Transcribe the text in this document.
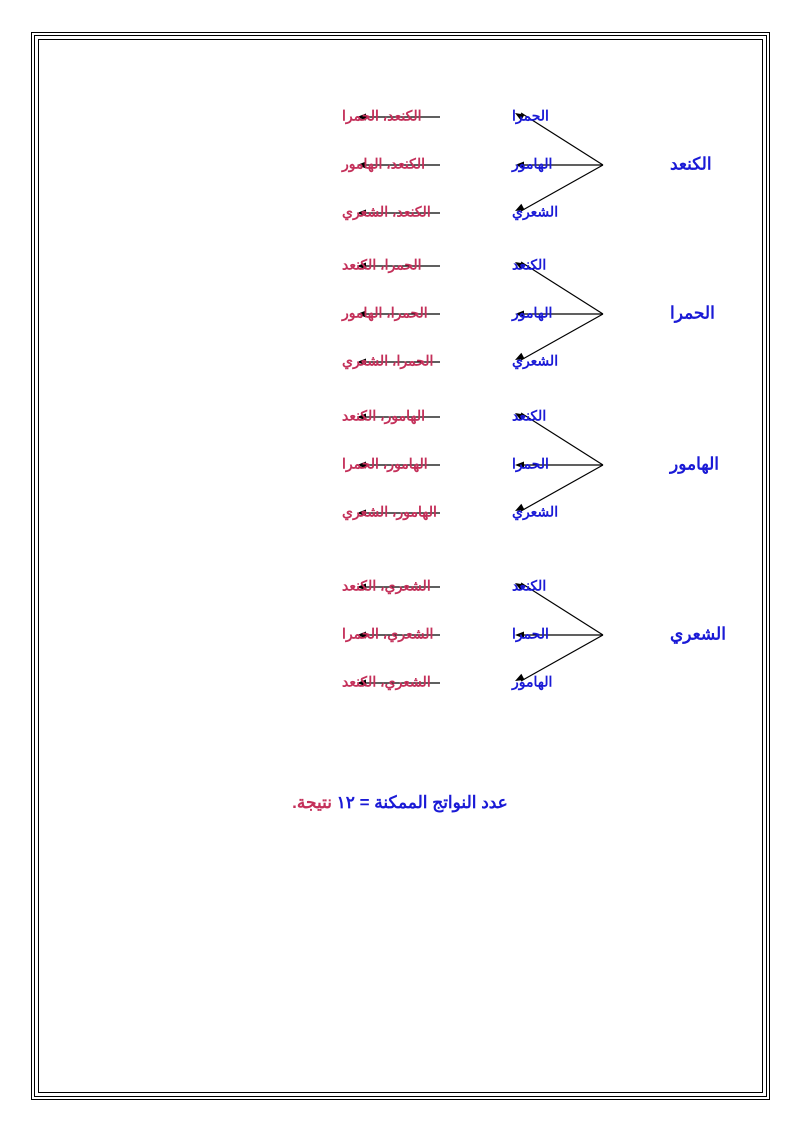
الكنعد
الحمرا
الكنعد، الحمرا
الهامور
الكنعد، الهامور
الشعري
الكنعد، الشعري
الحمرا
الكنعد
الحمرا، الكنعد
الهامور
الحمرا، الهامور
الشعري
الحمرا، الشعري
الهامور
الكنعد
الهامور، الكنعد
الحمرا
الهامور، الحمرا
الشعري
الهامور، الشعري
الشعري
الكنعد
الشعري، الكنعد
الحمرا
الشعري، الحمرا
الهامور
الشعري، الكنعد
عدد النواتج الممكنة = ١٢ نتيجة.
